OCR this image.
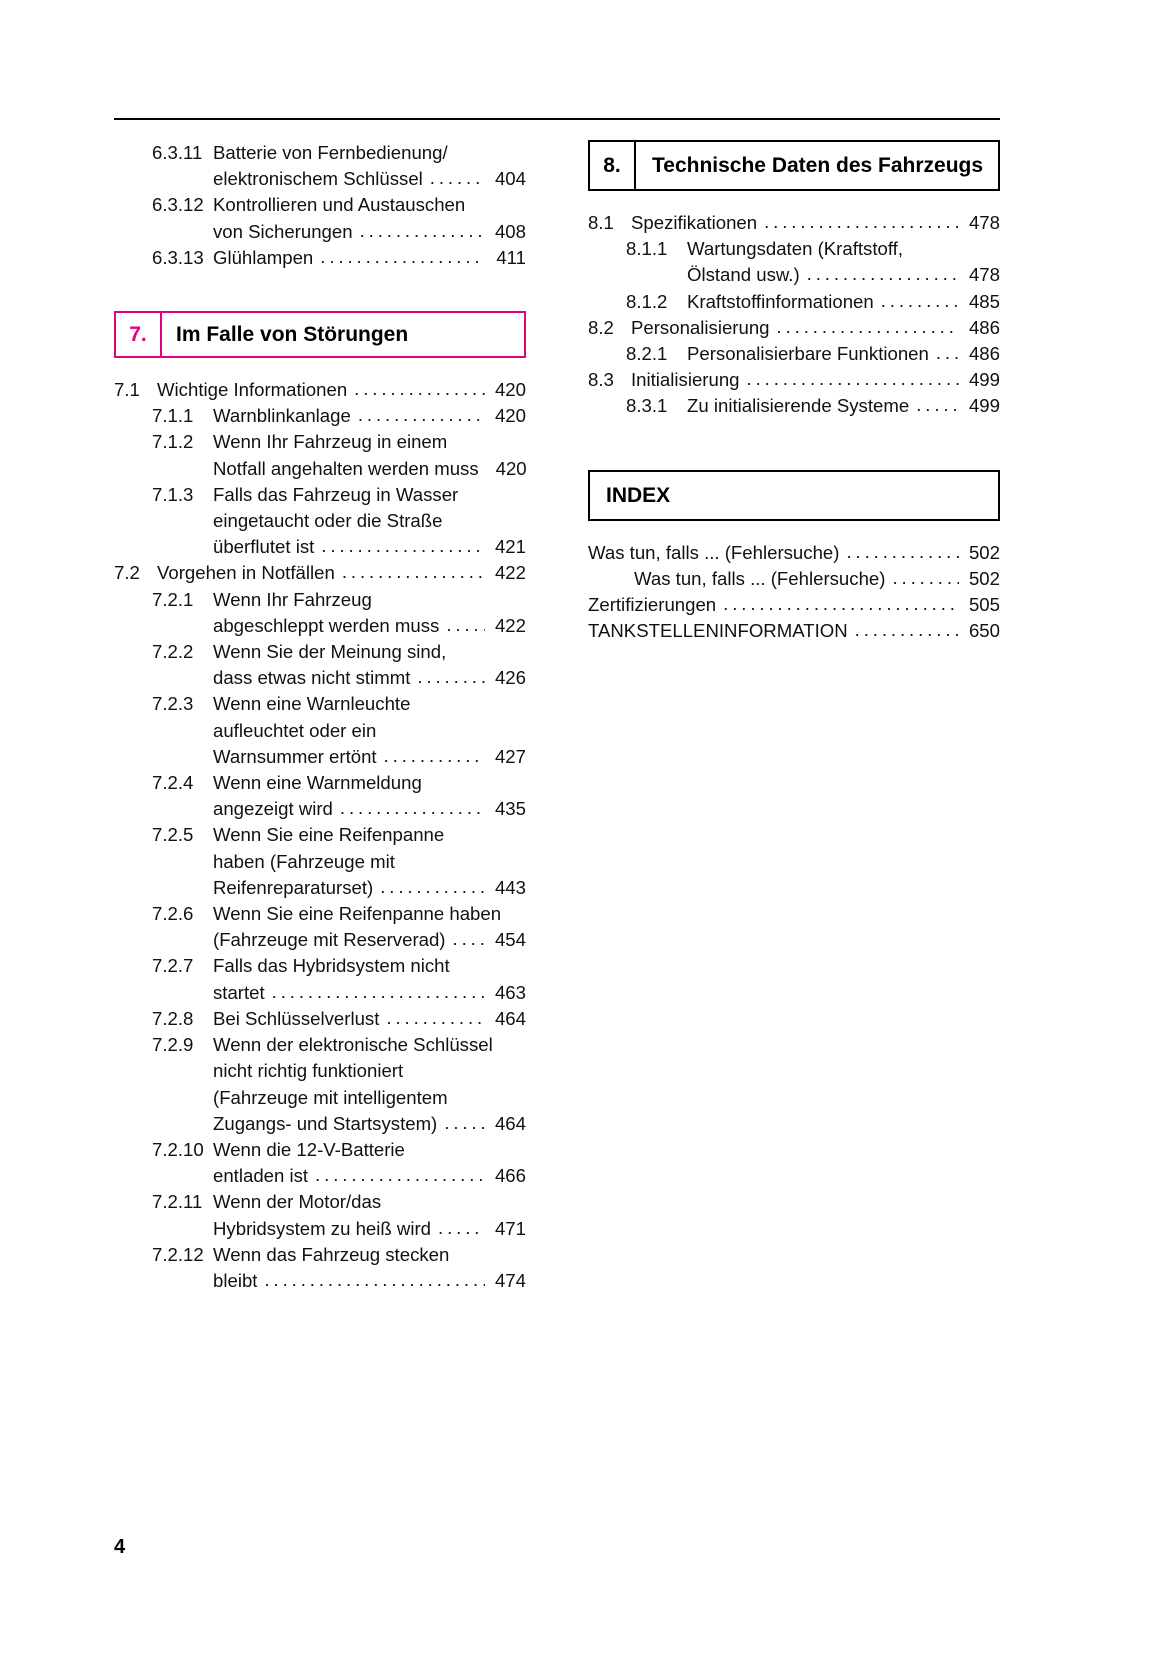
6.3.11 Batterie von Fernbedienung/
elektronischem Schlüssel .....	404
6.3.12 Kontrollieren und Austauschen
von Sicherungen .....	408
6.3.13 Glühlampen .....	411
7.	Im Falle von Störungen
7.1 Wichtige Informationen .....	420
7.1.1	Warnblinkanlage .....	420
7.1.2	Wenn Ihr Fahrzeug in einem
Notfall angehalten werden muss 420
7.1.3	Falls das Fahrzeug in Wasser
eingetaucht oder die Straße
überflutet ist .....	421
7.2 Vorgehen in Notfällen .....	422
7.2.1	Wenn Ihr Fahrzeug
abgeschleppt werden muss .....	422
7.2.2	Wenn Sie der Meinung sind,
dass etwas nicht stimmt .....	426
7.2.3	Wenn eine Warnleuchte
aufleuchtet oder ein
Warnsummer ertönt .....	427
7.2.4	Wenn eine Warnmeldung
angezeigt wird .....	435
7.2.5	Wenn Sie eine Reifenpanne
haben (Fahrzeuge mit
Reifenreparaturset) .....	443
7.2.6	Wenn Sie eine Reifenpanne haben
(Fahrzeuge mit Reserverad) .....	454
7.2.7	Falls das Hybridsystem nicht
startet .....	463
7.2.8	Bei Schlüsselverlust .....	464
7.2.9	Wenn der elektronische Schlüssel
nicht richtig funktioniert
(Fahrzeuge mit intelligentem
Zugangs- und Startsystem) .....	464
7.2.10 Wenn die 12-V-Batterie
entladen ist .....	466
7.2.11 Wenn der Motor/das
Hybridsystem zu heiß wird .....	471
7.2.12 Wenn das Fahrzeug stecken
bleibt .....	474
8.	Technische Daten des Fahrzeugs
8.1 Spezifikationen .....	478
8.1.1	Wartungsdaten (Kraftstoff,
Ölstand usw.) .....	478
8.1.2	Kraftstoffinformationen .....	485
8.2 Personalisierung .....	486
8.2.1	Personalisierbare Funktionen ..... 486
8.3 Initialisierung .....	499
8.3.1	Zu initialisierende Systeme .....	499
INDEX
Was tun, falls ... (Fehlersuche) .....	502
Was tun, falls ... (Fehlersuche) .....	502
Zertifizierungen .....	505
TANKSTELLENINFORMATION .....	650
4
